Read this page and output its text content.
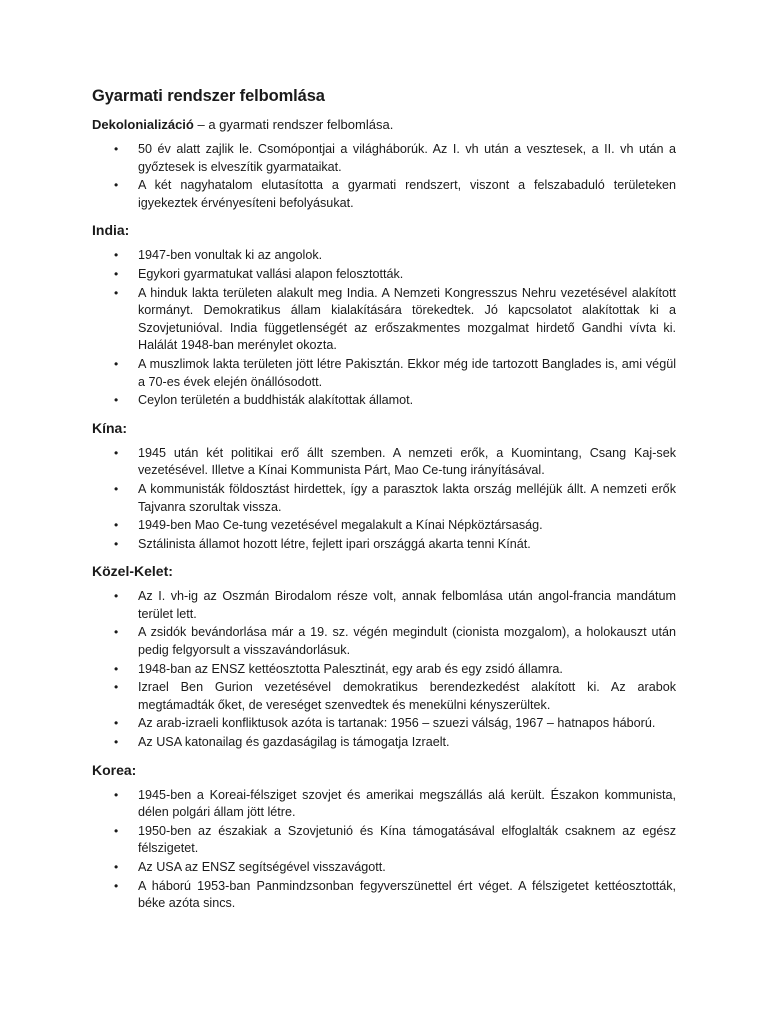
Gyarmati rendszer felbomlása

Dekolonializáció – a gyarmati rendszer felbomlása.

• 50 év alatt zajlik le. Csomópontjai a világháborúk. Az I. vh után a vesztesek, a II. vh után a győztesek is elveszítik gyarmataikat.
• A két nagyhatalom elutasította a gyarmati rendszert, viszont a felszabaduló területeken igyekeztek érvényesíteni befolyásukat.
India:
• 1947-ben vonultak ki az angolok.
• Egykori gyarmatukat vallási alapon felosztották.
• A hinduk lakta területen alakult meg India. A Nemzeti Kongresszus Nehru vezetésével alakított kormányt. Demokratikus állam kialakítására törekedtek. Jó kapcsolatot alakítottak ki a Szovjetunióval. India függetlenségét az erőszakmentes mozgalmat hirdető Gandhi vívta ki. Halálát 1948-ban merénylet okozta.
• A muszlimok lakta területen jött létre Pakisztán. Ekkor még ide tartozott Banglades is, ami végül a 70-es évek elején önállósodott.
• Ceylon területén a buddhisták alakítottak államot.
Kína:
• 1945 után két politikai erő állt szemben. A nemzeti erők, a Kuomintang, Csang Kaj-sek vezetésével. Illetve a Kínai Kommunista Párt, Mao Ce-tung irányításával.
• A kommunisták földosztást hirdettek, így a parasztok lakta ország melléjük állt. A nemzeti erők Tajvanra szorultak vissza.
• 1949-ben Mao Ce-tung vezetésével megalakult a Kínai Népköztársaság.
• Sztálinista államot hozott létre, fejlett ipari országgá akarta tenni Kínát.
Közel-Kelet:
• Az I. vh-ig az Oszmán Birodalom része volt, annak felbomlása után angol-francia mandátum terület lett.
• A zsidók bevándorlása már a 19. sz. végén megindult (cionista mozgalom), a holokauszt után pedig felgyorsult a visszavándorlásuk.
• 1948-ban az ENSZ kettéosztotta Palesztinát, egy arab és egy zsidó államra.
• Izrael Ben Gurion vezetésével demokratikus berendezkedést alakított ki. Az arabok megtámadták őket, de vereséget szenvedtek és menekülni kényszerültek.
• Az arab-izraeli konfliktusok azóta is tartanak: 1956 – szuezi válság, 1967 – hatnapos háború.
• Az USA katonailag és gazdaságilag is támogatja Izraelt.
Korea:
• 1945-ben a Koreai-félsziget szovjet és amerikai megszállás alá került. Északon kommunista, délen polgári állam jött létre.
• 1950-ben az északiak a Szovjetunió és Kína támogatásával elfoglalták csaknem az egész félszigetet.
• Az USA az ENSZ segítségével visszavágott.
• A háború 1953-ban Panmindzsonban fegyverszünettel ért véget. A félszigetet kettéosztották, béke azóta sincs.
